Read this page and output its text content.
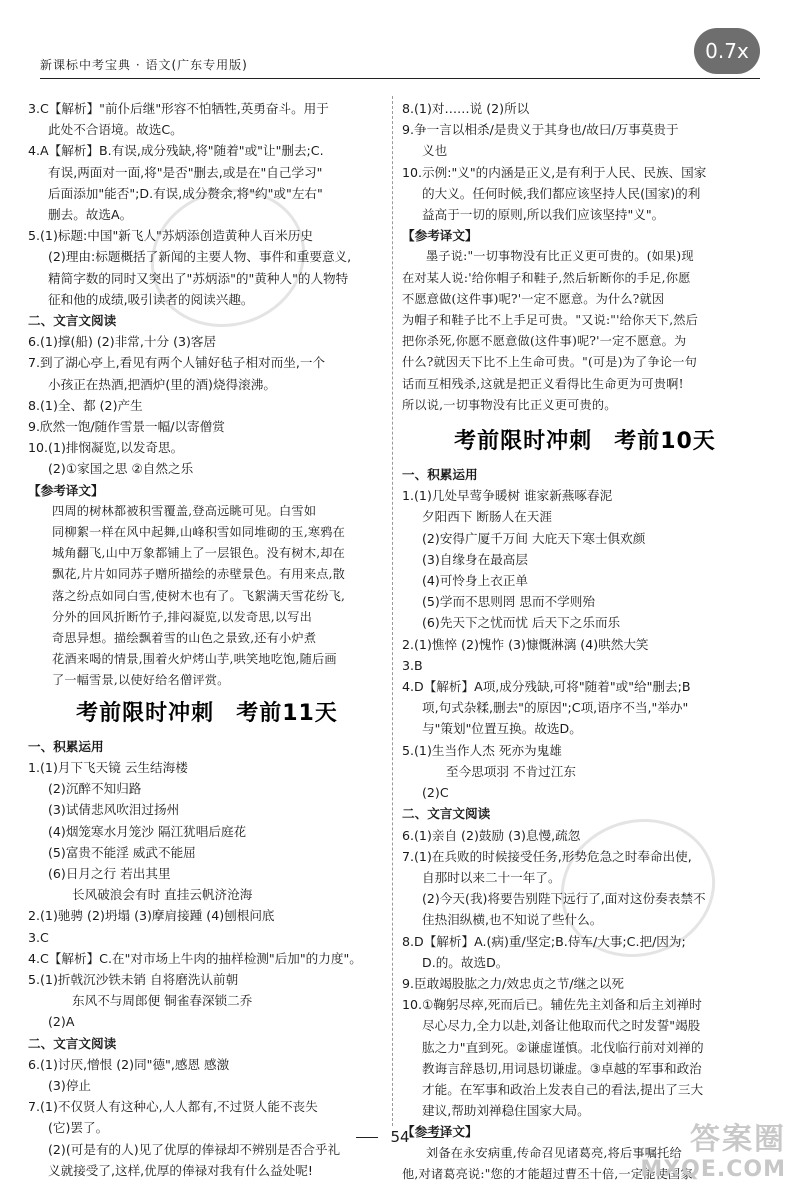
新课标中考宝典 · 语文(广东专用版)
0.7x
3.C【解析】"前仆后继"形容不怕牺牲,英勇奋斗。用于
此处不合语境。故选C。
4.A【解析】B.有误,成分残缺,将"随着"或"让"删去;C.
有误,两面对一面,将"是否"删去,或是在"自己学习"
后面添加"能否";D.有误,成分赘余,将"约"或"左右"
删去。故选A。
5.(1)标题:中国"新飞人"苏炳添创造黄种人百米历史
(2)理由:标题概括了新闻的主要人物、事件和重要意义,
精简字数的同时又突出了"苏炳添"的"黄种人"的人物特
征和他的成绩,吸引读者的阅读兴趣。
二、文言文阅读
6.(1)撑(船) (2)非常,十分 (3)客居
7.到了湖心亭上,看见有两个人铺好毡子相对而坐,一个
小孩正在热酒,把酒炉(里的酒)烧得滚沸。
8.(1)全、都 (2)产生
9.欣然一饱/随作雪景一幅/以寄僧赏
10.(1)排悯凝览,以发奇思。
(2)①家国之思 ②自然之乐
【参考译文】
四周的树林都被积雪覆盖,登高远眺可见。白雪如
同柳絮一样在风中起舞,山峰积雪如同堆砌的玉,寒鸦在
城角翻飞,山中万象都铺上了一层银色。没有树木,却在
飘花,片片如同苏子赠所描绘的赤壁景色。有用来点,散
落之纷点如同白雪,使树木也有了。飞絮满天雪花纷飞,
分外的回风折断竹子,排闷凝览,以发奇思,以写出
奇思异想。描绘飘着雪的山色之景致,还有小炉煮
花酒来喝的情景,围着火炉烤山芋,哄笑地吃饱,随后画
了一幅雪景,以使好给名僧评赏。
考前限时冲刺 考前11天
一、积累运用
1.(1)月下飞天镜 云生结海楼
(2)沉醉不知归路
(3)试倩悲风吹泪过扬州
(4)烟笼寒水月笼沙 隔江犹唱后庭花
(5)富贵不能淫 威武不能屈
(6)日月之行 若出其里
长风破浪会有时 直挂云帆济沧海
2.(1)驰骋 (2)坍塌 (3)摩肩接踵 (4)刨根问底
3.C
4.C【解析】C.在"对市场上牛肉的抽样检测"后加"的力度"。
5.(1)折戟沉沙铁未销 自将磨洗认前朝
东风不与周郎便 铜雀春深锁二乔
(2)A
二、文言文阅读
6.(1)讨厌,憎恨 (2)同"德",感恩 感激
(3)停止
7.(1)不仅贤人有这种心,人人都有,不过贤人能不丧失
(它)罢了。
(2)(可是有的人)见了优厚的俸禄却不辨别是否合乎礼
义就接受了,这样,优厚的俸禄对我有什么益处呢!
8.(1)对……说 (2)所以
9.争一言以相杀/是贵义于其身也/故曰/万事莫贵于
义也
10.示例:"义"的内涵是正义,是有利于人民、民族、国家
的大义。任何时候,我们都应该坚持人民(国家)的利
益高于一切的原则,所以我们应该坚持"义"。
【参考译文】
墨子说:"一切事物没有比正义更可贵的。(如果)现
在对某人说:'给你帽子和鞋子,然后斩断你的手足,你愿
不愿意做(这件事)呢?'一定不愿意。为什么?就因
为帽子和鞋子比不上手足可贵。"又说:"'给你天下,然后
把你杀死,你愿不愿意做(这件事)呢?'一定不愿意。为
什么?就因天下比不上生命可贵。"(可是)为了争论一句
话而互相残杀,这就是把正义看得比生命更为可贵啊!
所以说,一切事物没有比正义更可贵的。
考前限时冲刺 考前10天
一、积累运用
1.(1)几处早莺争暖树 谁家新燕啄春泥
夕阳西下 断肠人在天涯
(2)安得广厦千万间 大庇天下寒士俱欢颜
(3)自缘身在最高层
(4)可怜身上衣正单
(5)学而不思则罔 思而不学则殆
(6)先天下之忧而忧 后天下之乐而乐
2.(1)憔悴 (2)愧怍 (3)慷慨淋漓 (4)哄然大笑
3.B
4.D【解析】A项,成分残缺,可将"随着"或"给"删去;B
项,句式杂糅,删去"的原因";C项,语序不当,"举办"
与"策划"位置互换。故选D。
5.(1)生当作人杰 死亦为鬼雄
至今思项羽 不肯过江东
(2)C
二、文言文阅读
6.(1)亲自 (2)鼓励 (3)息慢,疏忽
7.(1)在兵败的时候接受任务,形势危急之时奉命出使,
自那时以来二十一年了。
(2)今天(我)将要告别陛下远行了,面对这份奏表禁不
住热泪纵横,也不知说了些什么。
8.D【解析】A.(病)重/坚定;B.侍车/大事;C.把/因为;
D.的。故选D。
9.臣敢竭股肱之力/效忠贞之节/继之以死
10.①鞠躬尽瘁,死而后已。辅佐先主刘备和后主刘禅时
尽心尽力,全力以赴,刘备让他取而代之时发誓"竭股
肱之力"直到死。②谦虚谨慎。北伐临行前对刘禅的
教诲言辞恳切,用词恳切谦虚。③卓越的军事和政治
才能。在军事和政治上发表自己的看法,提出了三大
建议,帮助刘禅稳住国家大局。
【参考译文】
刘备在永安病重,传命召见诸葛亮,将后事嘱托给
他,对诸葛亮说:"您的才能超过曹丕十倍,一定能使国家
54	答案圈
MXQE.COM
